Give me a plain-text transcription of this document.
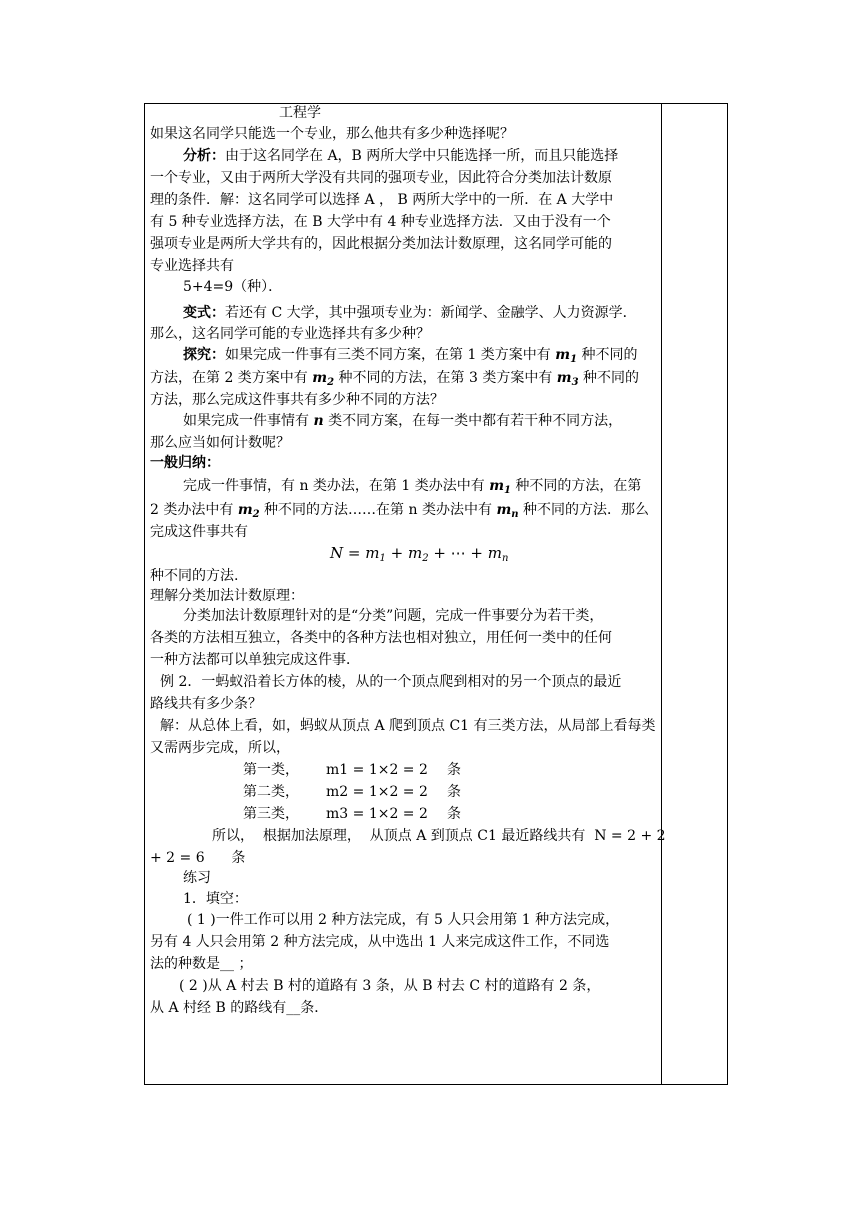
工程学
如果这名同学只能选一个专业，那么他共有多少种选择呢？
分析：由于这名同学在 A，B 两所大学中只能选择一所，而且只能选择
一个专业，又由于两所大学没有共同的强项专业，因此符合分类加法计数原
理的条件．解：这名同学可以选择 A ， B 两所大学中的一所．在 A 大学中
有 5 种专业选择方法，在 B 大学中有 4 种专业选择方法．又由于没有一个
强项专业是两所大学共有的，因此根据分类加法计数原理，这名同学可能的
专业选择共有
5+4=9（种）．
变式：若还有 C 大学，其中强项专业为：新闻学、金融学、人力资源学．
那么，这名同学可能的专业选择共有多少种？
探究：如果完成一件事有三类不同方案，在第 1 类方案中有 $m_1$ 种不同的
方法，在第 2 类方案中有 $m_2$ 种不同的方法，在第 3 类方案中有 $m_3$ 种不同的
方法，那么完成这件事共有多少种不同的方法？
如果完成一件事情有 n 类不同方案，在每一类中都有若干种不同方法，
那么应当如何计数呢？
一般归纳：
完成一件事情，有 n 类办法，在第 1 类办法中有 $m_1$ 种不同的方法，在第
2 类办法中有 $m_2$ 种不同的方法……在第 n 类办法中有 $m_n$ 种不同的方法．那么
完成这件事共有
$N = m_1 + m_2$ + ⋯ + $m_n$
种不同的方法.
理解分类加法计数原理：
分类加法计数原理针对的是“分类”问题，完成一件事要分为若干类，
各类的方法相互独立，各类中的各种方法也相对独立，用任何一类中的任何
一种方法都可以单独完成这件事．
例 2．一蚂蚁沿着长方体的棱，从的一个顶点爬到相对的另一个顶点的最近
路线共有多少条？
解：从总体上看，如，蚂蚁从顶点 A 爬到顶点 C1 有三类方法，从局部上看每类
又需两步完成，所以，
第一类， m1 = 1×2 = 2 条
第二类， m2 = 1×2 = 2 条
第三类， m3 = 1×2 = 2 条
所以，  根据加法原理，  从顶点 A 到顶点 C1 最近路线共有  N = 2 + 2
+ 2 = 6      条
练习
1．填空：
( 1 )一件工作可以用 2 种方法完成，有 5 人只会用第 1 种方法完成，
另有 4 人只会用第 2 种方法完成，从中选出 1 人来完成这件工作，不同选
法的种数是__ ；
( 2 )从 A 村去 B 村的道路有 3 条，从 B 村去 C 村的道路有 2 条，
从 A 村经 B 的路线有__条．
